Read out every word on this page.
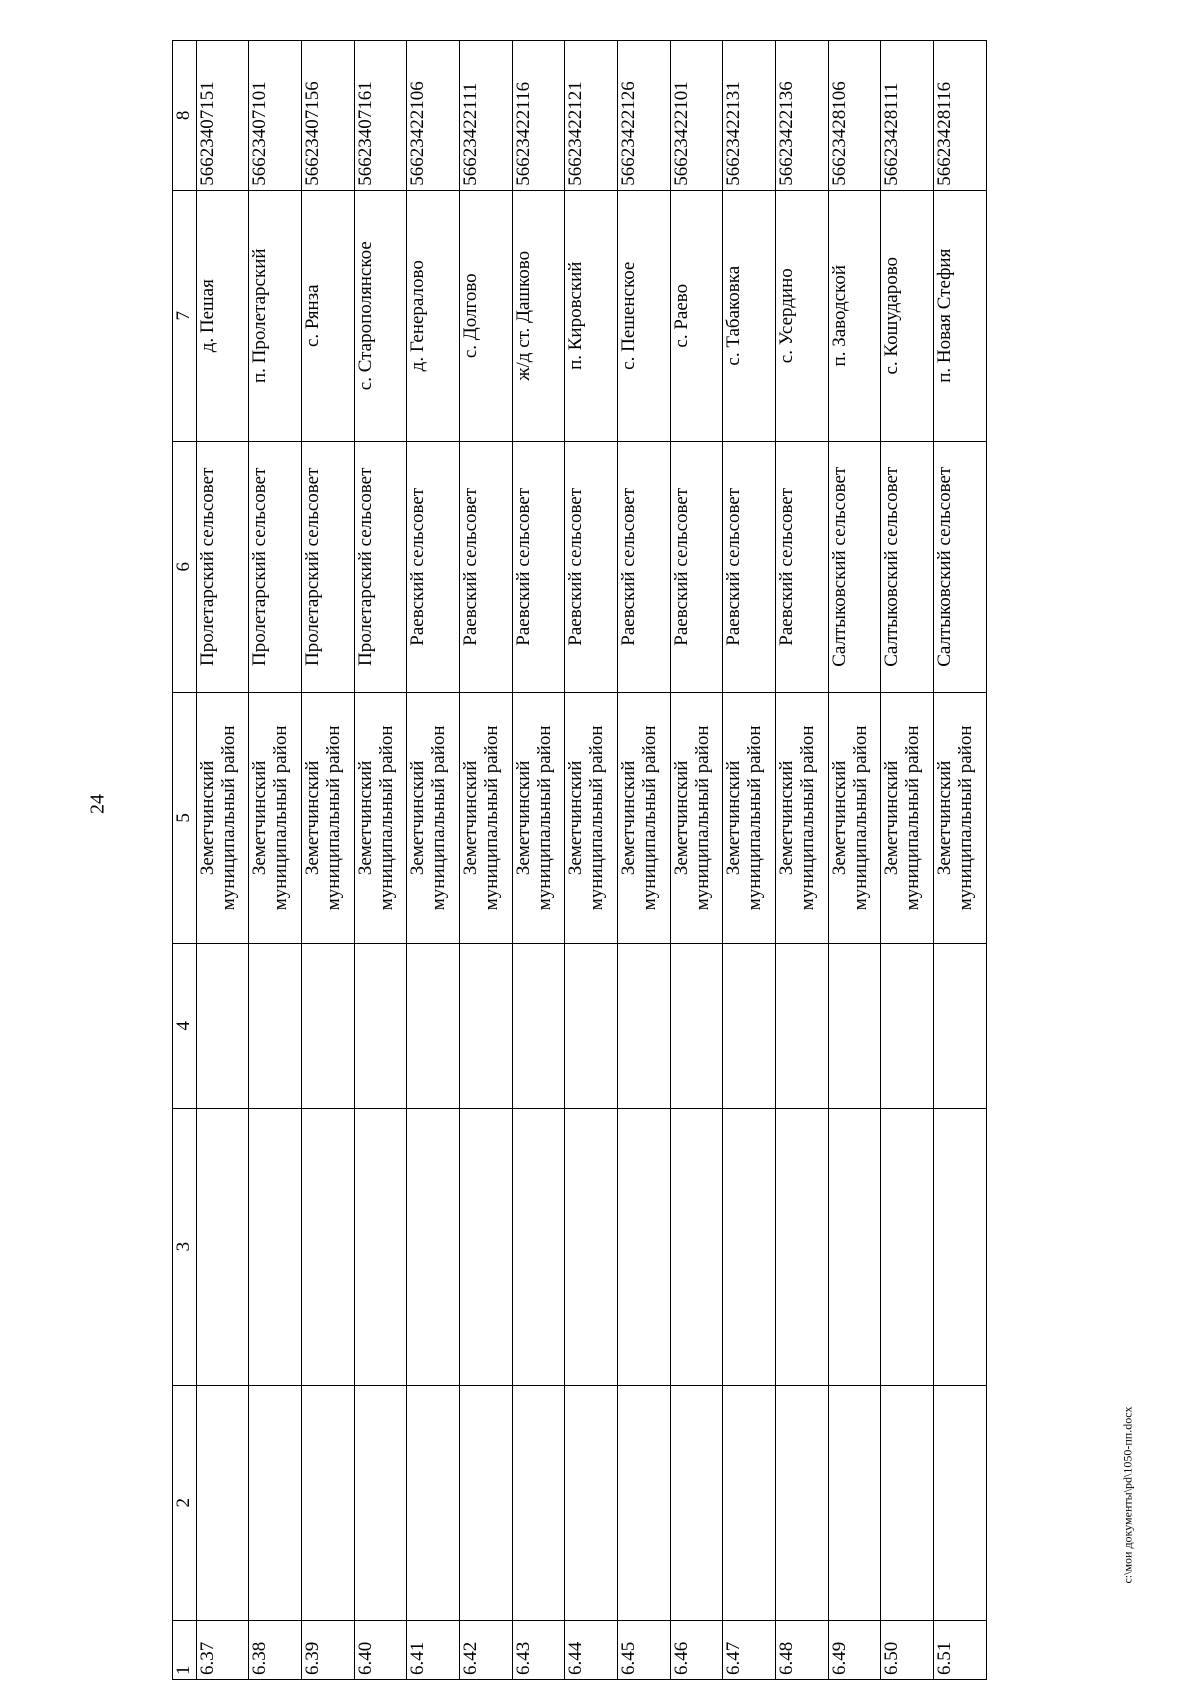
24
1	2	3	4	5	6	7	8
6.37				Земетчинский муниципальный район	Пролетарский сельсовет	д. Пешая	56623407151
6.38				Земетчинский муниципальный район	Пролетарский сельсовет	п. Пролетарский	56623407101
6.39				Земетчинский муниципальный район	Пролетарский сельсовет	с. Рянза	56623407156
6.40				Земетчинский муниципальный район	Пролетарский сельсовет	с. Старополянское	56623407161
6.41				Земетчинский муниципальный район	Раевский сельсовет	д. Генералово	56623422106
6.42				Земетчинский муниципальный район	Раевский сельсовет	с. Долгово	56623422111
6.43				Земетчинский муниципальный район	Раевский сельсовет	ж/д ст. Дашково	56623422116
6.44				Земетчинский муниципальный район	Раевский сельсовет	п. Кировский	56623422121
6.45				Земетчинский муниципальный район	Раевский сельсовет	с. Пешенское	56623422126
6.46				Земетчинский муниципальный район	Раевский сельсовет	с. Раево	56623422101
6.47				Земетчинский муниципальный район	Раевский сельсовет	с. Табаковка	56623422131
6.48				Земетчинский муниципальный район	Раевский сельсовет	с. Усердино	56623422136
6.49				Земетчинский муниципальный район	Салтыковский сельсовет	п. Заводской	56623428106
6.50				Земетчинский муниципальный район	Салтыковский сельсовет	с. Кошударово	56623428111
6.51				Земетчинский муниципальный район	Салтыковский сельсовет	п. Новая Стефия	56623428116
c:\мои документы\pd\1050-пп.docx
